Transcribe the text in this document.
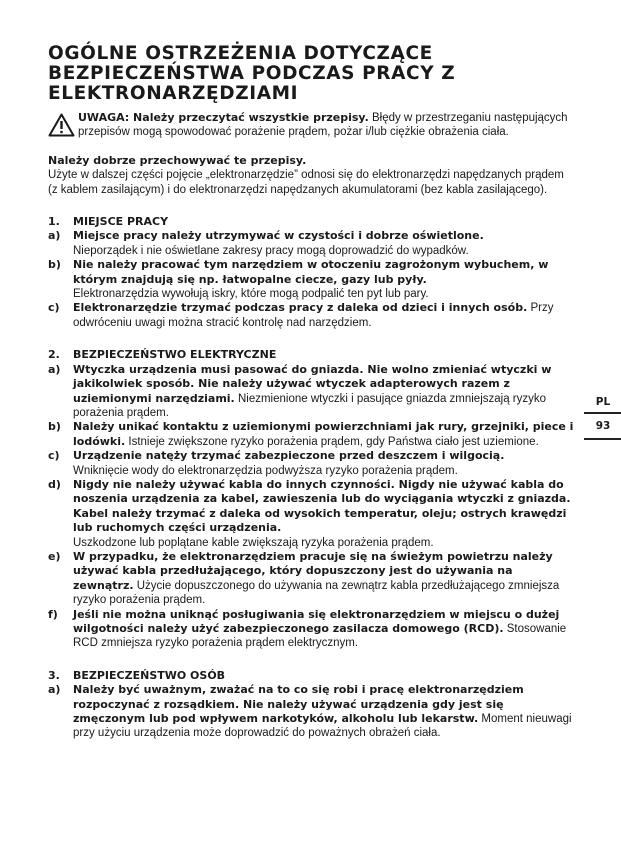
OGÓLNE OSTRZEŻENIA DOTYCZĄCE BEZPIECZEŃSTWA PODCZAS PRACY Z ELEKTRONARZĘDZIAMI

UWAGA: Należy przeczytać wszystkie przepisy. Błędy w przestrzeganiu następujących przepisów mogą spowodować porażenie prądem, pożar i/lub ciężkie obrażenia ciała.

Należy dobrze przechowywać te przepisy.
Użyte w dalszej części pojęcie „elektronarzędzie” odnosi się do elektronarzędzi napędzanych prądem (z kablem zasilającym) i do elektronarzędzi napędzanych akumulatorami (bez kabla zasilającego).

1.	MIEJSCE PRACY
a)	Miejsce pracy należy utrzymywać w czystości i dobrze oświetlone.
Nieporządek i nie oświetlane zakresy pracy mogą doprowadzić do wypadków.
b)	Nie należy pracować tym narzędziem w otoczeniu zagrożonym wybuchem, w którym znajdują się np. łatwopalne ciecze, gazy lub pyły.
Elektronarzędzia wywołują iskry, które mogą podpalić ten pyt lub pary.
c)	Elektronarzędzie trzymać podczas pracy z daleka od dzieci i innych osób. Przy odwróceniu uwagi można stracić kontrolę nad narzędziem.
2.	BEZPIECZEŃSTWO ELEKTRYCZNE
a)	Wtyczka urządzenia musi pasować do gniazda. Nie wolno zmieniać wtyczki w jakikolwiek sposób. Nie należy używać wtyczek adapterowych razem z uziemionymi narzędziami. Niezmienione wtyczki i pasujące gniazda zmniejszają ryzyko porażenia prądem.
b)	Należy unikać kontaktu z uziemionymi powierzchniami jak rury, grzejniki, piece i lodówki. Istnieje zwiększone ryzyko porażenia prądem, gdy Państwa ciało jest uziemione.
c)	Urządzenie natęży trzymać zabezpieczone przed deszczem i wilgocią.
Wniknięcie wody do elektronarzędzia podwyższa ryzyko porażenia prądem.
d)	Nigdy nie należy używać kabla do innych czynności. Nigdy nie używać kabla do noszenia urządzenia za kabel, zawieszenia lub do wyciągania wtyczki z gniazda. Kabel należy trzymać z daleka od wysokich temperatur, oleju; ostrych krawędzi lub ruchomych części urządzenia.
Uszkodzone lub poplątane kable zwiększają ryzyka porażenia prądem.
e)	W przypadku, że elektronarzędziem pracuje się na świeżym powietrzu należy używać kabla przedłużającego, który dopuszczony jest do używania na zewnątrz. Użycie dopuszczonego do używania na zewnątrz kabla przedłużającego zmniejsza ryzyko porażenia prądem.
f)	Jeśli nie można uniknąć posługiwania się elektronarzędziem w miejscu o dużej wilgotności należy użyć zabezpieczonego zasilacza domowego (RCD). Stosowanie RCD zmniejsza ryzyko porażenia prądem elektrycznym.
3.	BEZPIECZEŃSTWO OSÓB
a)	Należy być uważnym, zważać na to co się robi i pracę elektronarzędziem rozpoczynać z rozsądkiem. Nie należy używać urządzenia gdy jest się zmęczonym lub pod wpływem narkotyków, alkoholu lub lekarstw. Moment nieuwagi przy użyciu urządzenia może doprowadzić do poważnych obrażeń ciała.
PL
93
